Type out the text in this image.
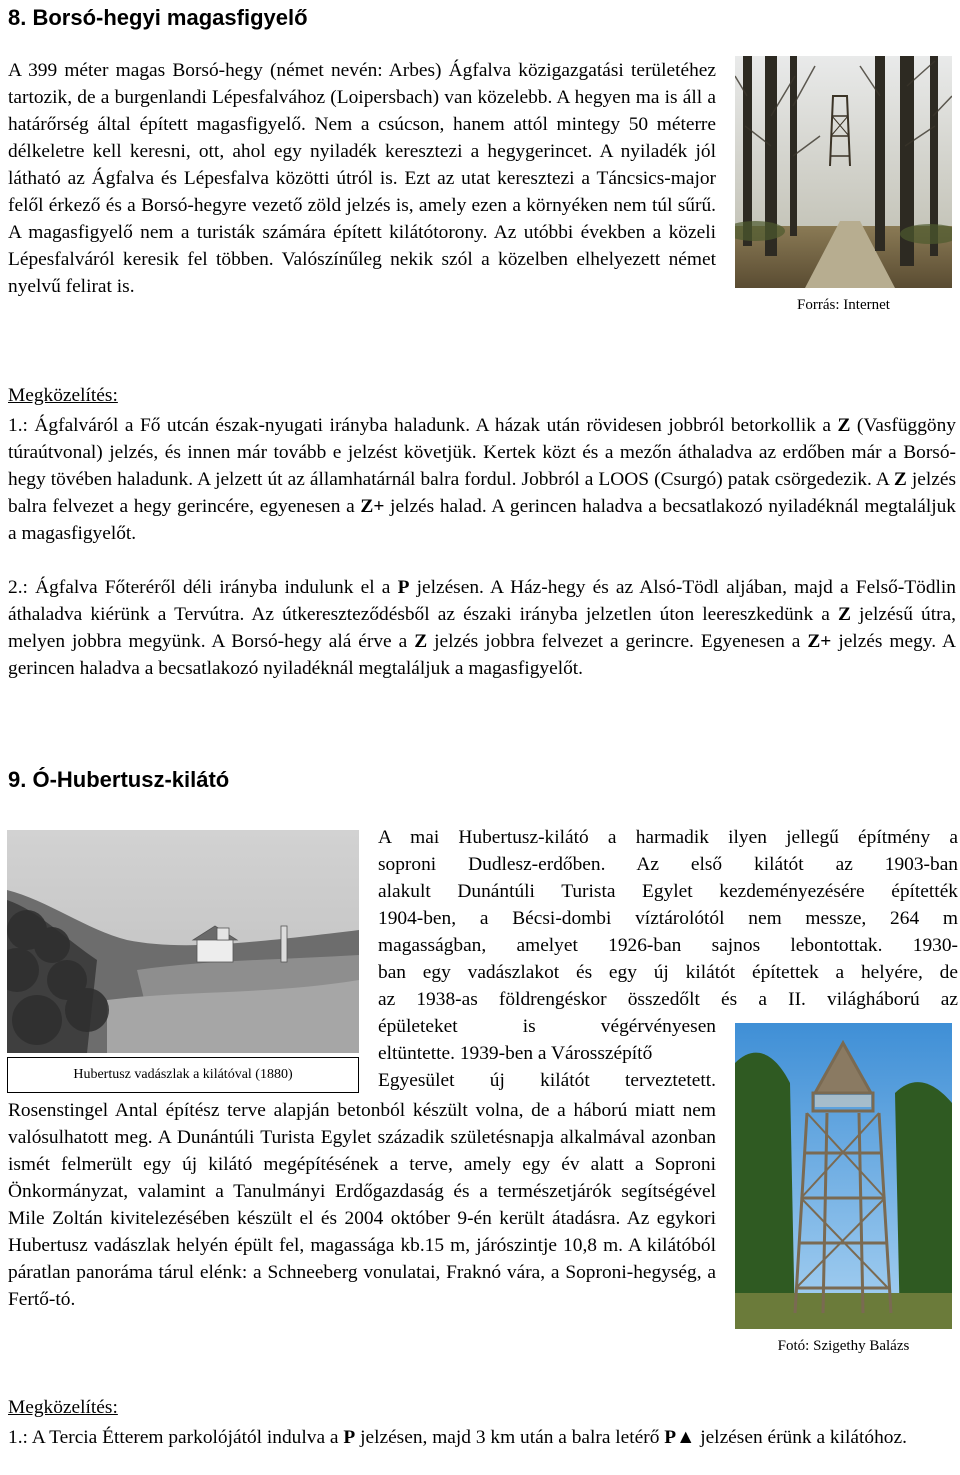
8. Borsó-hegyi magasfigyelő

A 399 méter magas Borsó-hegy (német nevén: Arbes) Ágfalva közigazgatási területéhez tartozik, de a burgenlandi Lépesfalvához (Loipersbach) van közelebb. A hegyen ma is áll a határőrség által épített magasfigyelő. Nem a csúcson, hanem attól mintegy 50 méterre délkeletre kell keresni, ott, ahol egy nyiladék keresztezi a hegygerincet. A nyiladék jól látható az Ágfalva és Lépesfalva közötti útról is. Ezt az utat keresztezi a Táncsics-major felől érkező és a Borsó-hegyre vezető zöld jelzés is, amely ezen a környéken nem túl sűrű. A magasfigyelő nem a turisták számára épített kilátótorony. Az utóbbi években a közeli Lépesfalváról keresik fel többen. Valószínűleg nekik szól a közelben elhelyezett német nyelvű felirat is.

Forrás: Internet
Megközelítés:

1.: Ágfalváról a Fő utcán észak-nyugati irányba haladunk. A házak után rövidesen jobbról betorkollik a Z (Vasfüggöny túraútvonal) jelzés, és innen már tovább e jelzést követjük. Kertek közt és a mezőn áthaladva az erdőben már a Borsó-hegy tövében haladunk. A jelzett út az államhatárnál balra fordul. Jobbról a LOOS (Csurgó) patak csörgedezik. A Z jelzés balra felvezet a hegy gerincére, egyenesen a Z+ jelzés halad. A gerincen haladva a becsatlakozó nyiladéknál megtaláljuk a magasfigyelőt.

2.: Ágfalva Főteréről déli irányba indulunk el a P jelzésen. A Ház-hegy és az Alsó-Tödl aljában, majd a Felső-Tödlin áthaladva kiérünk a Tervútra. Az útkereszteződésből az északi irányba jelzetlen úton leereszkedünk a Z jelzésű útra, melyen jobbra megyünk. A Borsó-hegy alá érve a Z jelzés jobbra felvezet a gerincre. Egyenesen a Z+ jelzés megy. A gerincen haladva a becsatlakozó nyiladéknál megtaláljuk a magasfigyelőt.

9. Ó-Hubertusz-kilátó
Hubertusz vadászlak a kilátóval (1880)
A mai Hubertusz-kilátó a harmadik ilyen jellegű építmény a
soproni Dudlesz-erdőben. Az első kilátót az 1903-ban
alakult Dunántúli Turista Egylet kezdeményezésére építették
1904-ben, a Bécsi-dombi víztárolótól nem messze, 264 m
magasságban, amelyet 1926-ban sajnos lebontottak. 1930-
ban egy vadászlakot és egy új kilátót építettek a helyére, de
az 1938-as földrengéskor összedőlt és a II. világháború az
épületeket is végérvényesen
eltüntette. 1939-ben a Városszépítő
Egyesület új kilátót terveztetett.

Rosenstingel Antal építész terve alapján betonból készült volna, de a háború miatt nem valósulhatott meg. A Dunántúli Turista Egylet századik születésnapja alkalmával azonban ismét felmerült egy új kilátó megépítésének a terve, amely egy év alatt a Soproni Önkormányzat, valamint a Tanulmányi Erdőgazdaság és a természetjárók segítségével Mile Zoltán kivitelezésében készült el és 2004 október 9-én került átadásra. Az egykori Hubertusz vadászlak helyén épült fel, magassága kb.15 m, járószintje 10,8 m. A kilátóból páratlan panoráma tárul elénk: a Schneeberg vonulatai, Fraknó vára, a Soproni-hegység, a Fertő-tó.

Fotó: Szigethy Balázs
Megközelítés:

1.: A Tercia Étterem parkolójától indulva a P jelzésen, majd 3 km után a balra letérő P▲ jelzésen érünk a kilátóhoz.
